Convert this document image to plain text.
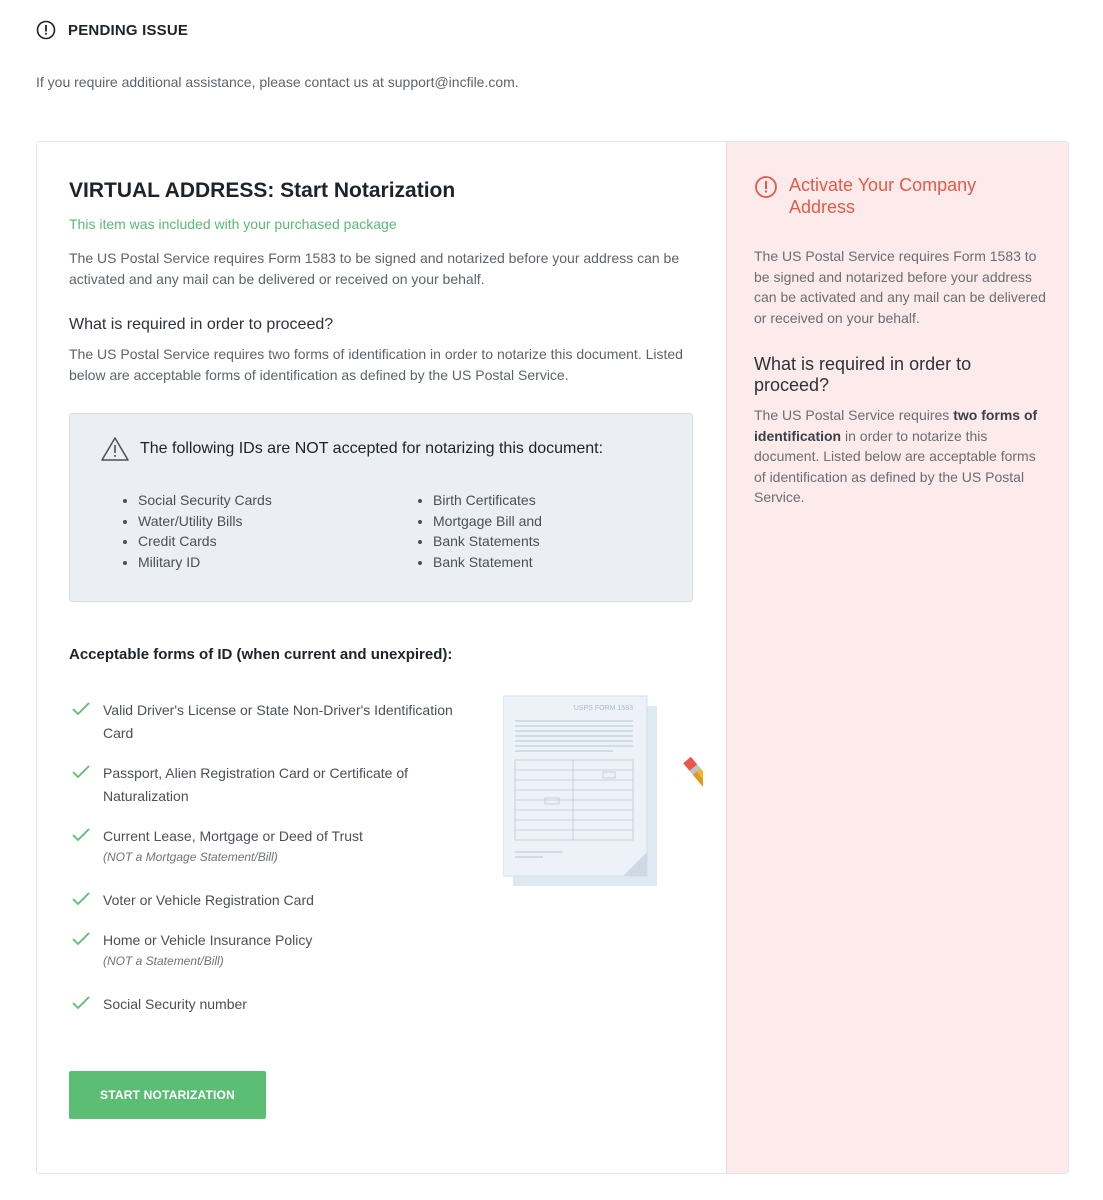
PENDING ISSUE
If you require additional assistance, please contact us at support@incfile.com.
VIRTUAL ADDRESS: Start Notarization
This item was included with your purchased package

The US Postal Service requires Form 1583 to be signed and notarized before your address can be activated and any mail can be delivered or received on your behalf.

What is required in order to proceed?

The US Postal Service requires two forms of identification in order to notarize this document. Listed below are acceptable forms of identification as defined by the US Postal Service.

The following IDs are NOT accepted for notarizing this document:
• Social Security Cards
• Water/Utility Bills
• Credit Cards
• Military ID
• Birth Certificates
• Mortgage Bill and
• Bank Statements
• Bank Statement
Acceptable forms of ID (when current and unexpired):
Valid Driver's License or State Non-Driver's Identification Card
Passport, Alien Registration Card or Certificate of Naturalization
Current Lease, Mortgage or Deed of Trust
(NOT a Mortgage Statement/Bill)
Voter or Vehicle Registration Card
Home or Vehicle Insurance Policy
(NOT a Statement/Bill)
Social Security number
USPS FORM 1583
START NOTARIZATION
Activate Your Company Address

The US Postal Service requires Form 1583 to be signed and notarized before your address can be activated and any mail can be delivered or received on your behalf.

What is required in order to proceed?

The US Postal Service requires two forms of identification in order to notarize this document. Listed below are acceptable forms of identification as defined by the US Postal Service.
